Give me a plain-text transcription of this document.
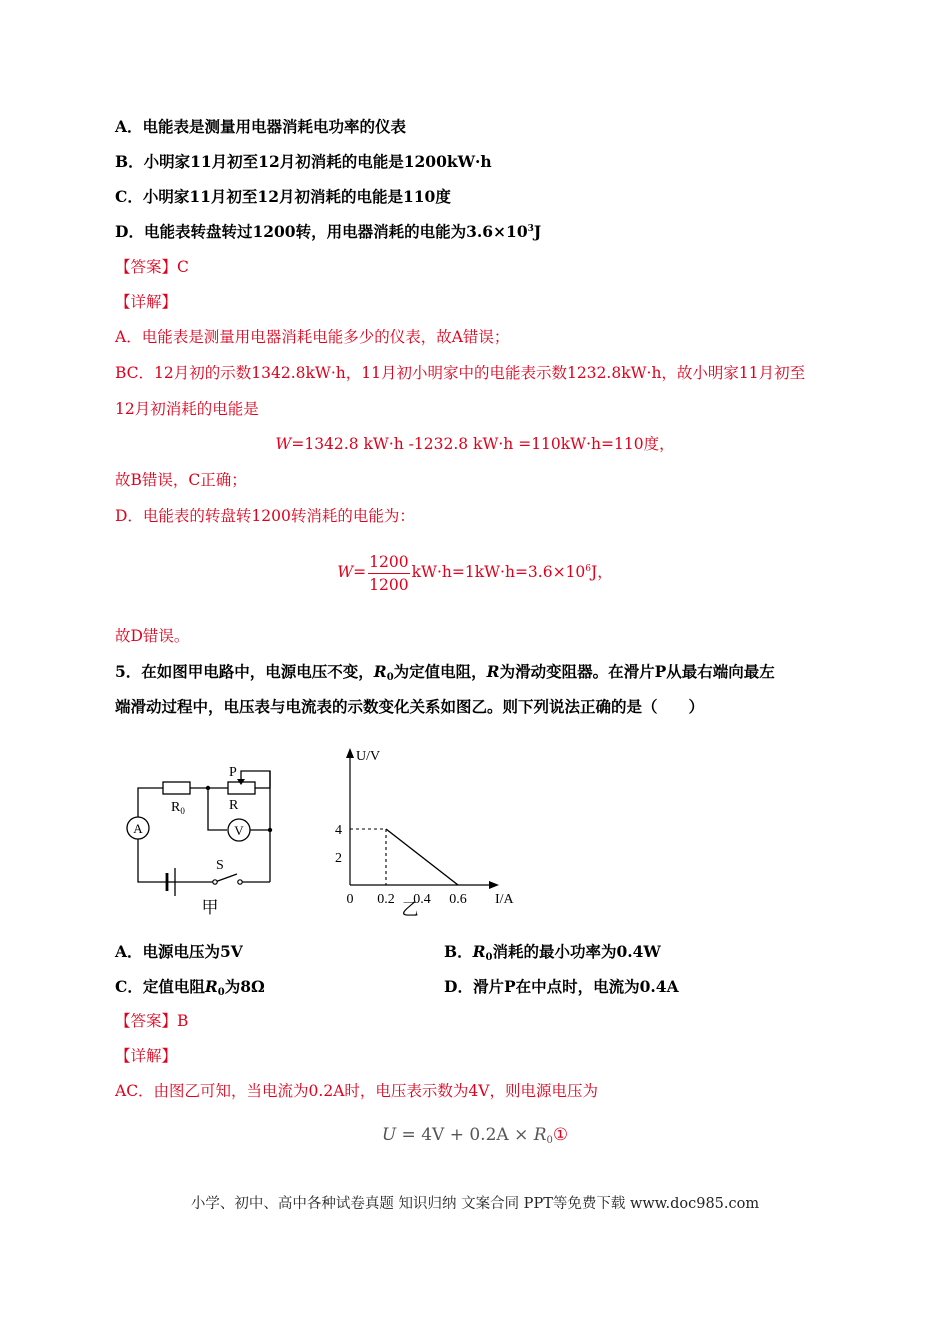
A．电能表是测量用电器消耗电功率的仪表
B．小明家11月初至12月初消耗的电能是1200kW·h
C．小明家11月初至12月初消耗的电能是110度
D．电能表转盘转过1200转，用电器消耗的电能为$3.6\times 10^3J$
【答案】C
【详解】
A．电能表是测量用电器消耗电能多少的仪表，故A错误；
BC．12月初的示数1342.8kW·h，11月初小明家中的电能表示数1232.8kW·h，故小明家11月初至
12月初消耗的电能是
W=1342.8 kW·h -1232.8 kW·h =110kW·h=110度，
故B错误，C正确；
D．电能表的转盘转1200转消耗的电能为：
$W= \frac{1200}{1200} kW\cdot h=1kW\cdot h=3.6\times 10^6J$，
故D错误。
5．在如图甲电路中，电源电压不变，$R_0$为定值电阻，R为滑动变阻器。在滑片P从最右端向最左
端滑动过程中，电压表与电流表的示数变化关系如图乙。则下列说法正确的是（　　）
A	V
$R_0$	R
P
S
甲
U/V
I/A
0 0.2 0.4 0.6
2
4
乙
A．电源电压为5V	B．$R_0$消耗的最小功率为0.4W
C．定值电阻$R_0$为8Ω	D．滑片P在中点时，电流为0.4A
【答案】B
【详解】
AC．由图乙可知，当电流为0.2A时，电压表示数为4V，则电源电压为
$U = 4V + 0.2A \times R_0①$
小学、初中、高中各种试卷真题 知识归纳 文案合同 PPT等免费下载 www.doc985.com
